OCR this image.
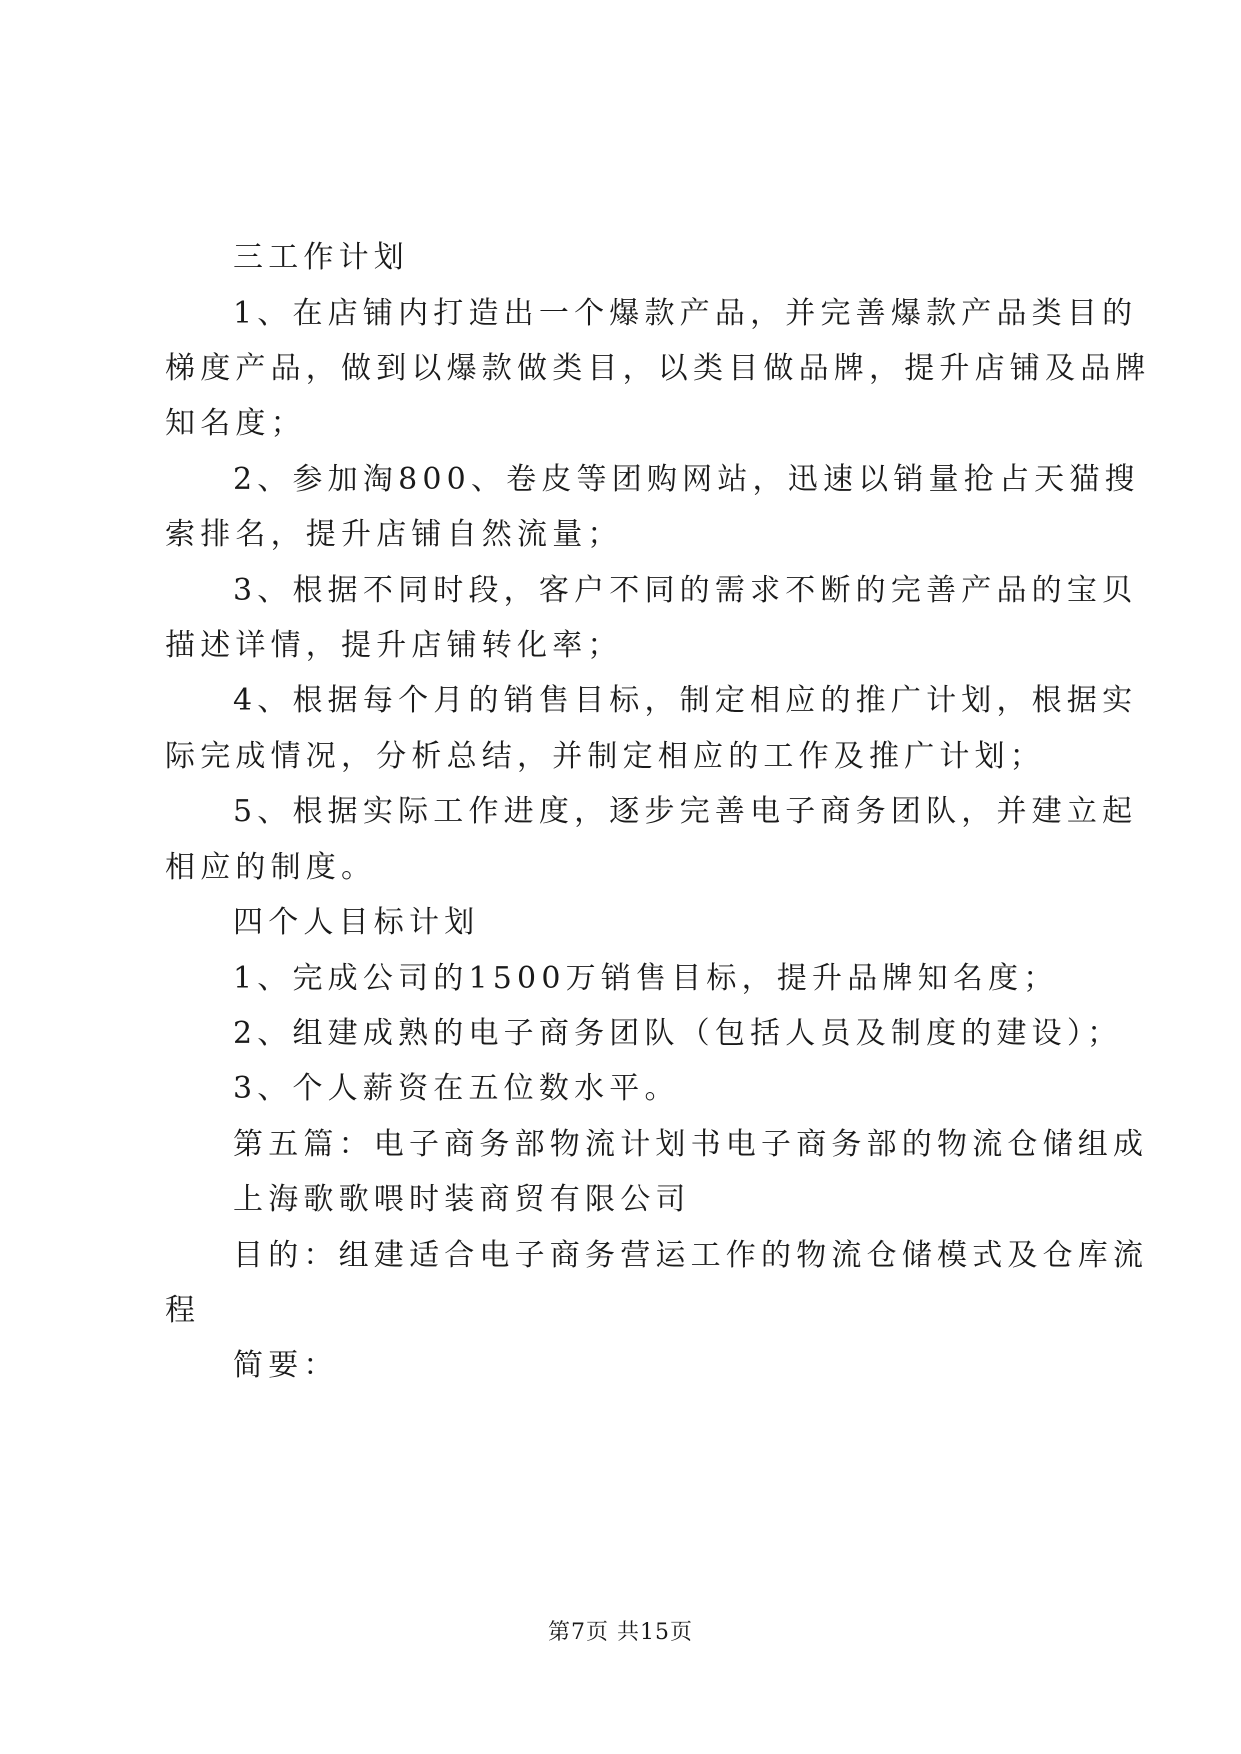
三工作计划
1、在店铺内打造出一个爆款产品，并完善爆款产品类目的
梯度产品，做到以爆款做类目，以类目做品牌，提升店铺及品牌
知名度；
2、参加淘800、卷皮等团购网站，迅速以销量抢占天猫搜
索排名，提升店铺自然流量；
3、根据不同时段，客户不同的需求不断的完善产品的宝贝
描述详情，提升店铺转化率；
4、根据每个月的销售目标，制定相应的推广计划，根据实
际完成情况，分析总结，并制定相应的工作及推广计划；
5、根据实际工作进度，逐步完善电子商务团队，并建立起
相应的制度。
四个人目标计划
1、完成公司的1500万销售目标，提升品牌知名度；
2、组建成熟的电子商务团队（包括人员及制度的建设）；
3、个人薪资在五位数水平。
第五篇：电子商务部物流计划书电子商务部的物流仓储组成
上海歌歌喂时装商贸有限公司
目的：组建适合电子商务营运工作的物流仓储模式及仓库流
程
简要：
第7页 共15页
